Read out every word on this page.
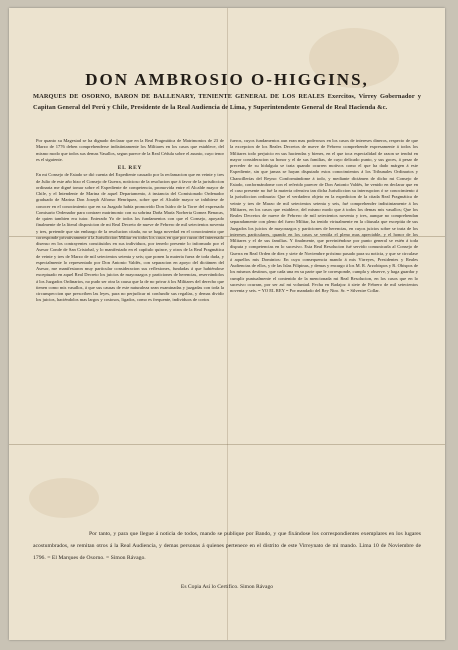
DON AMBROSIO O-HIGGINS,
MARQUES DE OSORNO, BARON DE BALLENARY, TENIENTE GENERAL DE LOS REALES Exercitos, Virrey Gobernador y Capitan General del Perú y Chile, Presidente de la Real Audiencia de Lima, y Superintendente General de Real Hacienda &c.

Por quanto su Magestad se ha dignado declarar que en la Real Pragmática de Matrimonios de 23 de Marzo de 1776 deben comprehenderse indistintamente los Militares en los casos que establece, del mismo modo que todos sus demas Vasallos, segun parece de la Real Cédula sobre el asunto, cuyo tenor es el siguiente.

EL REY

En mi Consejo de Estado se dió cuenta del Expediente causado por la reclamacion que en veinte y tres de Julio de este año hizo el Consejo de Guerra, noticioso de la resolucion que á favor de la jurisdiccion ordinaria me digné tomar sobre el Expediente de competencia, promovida entre el Alcalde mayor de Chile, y el Intendente de Marina de aquel Departamento, á instancia del Comisionado Ordenador graduado de Marina Don Joseph Alfonso Henríquez, sobre que el Alcalde mayor se inhibiese de conocer en el conocimiento que en su Juzgado había promovido Don Isidro de la Torre del expresado Comisario Ordenador para contraer matrimonio con su sobrina Doña María Norberta Gomez Benacas, de quien tambien era tutor. Enterado Yo de todos los fundamentos con que el Consejo, apoyado finalmente de la literal disposicion de mi Real Decreto de nueve de Febrero de mil setecientos noventa y tres, pretende que sin embargo de la resolucion citada, no se haga novedad en el conocimiento que corresponde privativamente á la Jurisdiccion Militar en todos los casos en que por razon del interesado disenso en los contrayentes constituidos en sus individuos, por tenerlo presente lo informado por el Asesor Conde de San Cristobal, y lo manifestado en el capítulo quince, y otros de la Real Pragmática de veinte y tres de Marzo de mil setecientos setenta y seis; que ponen la materia fuera de toda duda, y especialmente lo representado por Don Antonio Valdés, con separacion en apoyo del dictámen del Asesor, me manifestaron muy particular consideracion sus reflexiones, fundadas á que habiéndose exceptuado en aquel Real Decreto los juicios de mayorazgos y particiones de herencias, reservándolos á los Juzgados Ordinarios, no pudo ser otra la causa que la de no privar á los Militares del derecho que tienen como mis vasallos, á que sus causas de este naturaleza sean examinadas y juzgadas con toda la circunspeccion que prescriben las leyes, para no perjudicar ni confundir sus regalías, y demas dividir los juicios, haciéndolos mas largos y costosos, ligados, como es frequente, individuos de cortos

fueros, cuyos fundamentos aun eran mas poderosos en los casos de intereses dineros, respecto de que la excepcion de los Reales Decretos de nueve de Febrero comprehende expresamente á todos los Militares todo perjuicio en sus haciendas y bienes, en el que toca especialidad de razon se tendrá en mayor consideracion su honor y el de sus familias, de cuyo delicado punto, y sus goces, á pesar de preceder de su hidalguía se trata quando ocurren motivos como el que ha dado márgen á este Expediente, sin que jamas se hayan disputado estos conocimientos á los Tribunales Ordinarios y Chancillerías del Reyno: Conformándome á todo, y mediante dictámen de dicho mi Consejo de Estado, conformándome con el referido parecer de Don Antonio Valdés, he venido en declarar que en el caso presente no fué la materia ofensiva tan dicha Jurisdiccion su interrupcion ó se conocimiento á la jurisdiccion ordinaria: Que el verdadero objeto en la expedicion de la citada Real Pragmática de veinte y tres de Marzo de mil setecientos setenta y seis, fué comprehender indistintamente á los Militares, en los casos que establece, del mismo modo que á todos los demas mis vasallos; Que los Reales Decretos de nueve de Febrero de mil setecientos noventa y tres, aunque no comprehendan separadamente con pleno del fuero Militar, ha tenido virtualmente en la cláusula que exceptúa de sus Juzgados los juicios de mayorazgos y particiones de herencias, en cuyos juicios sobre se trata de los intereses particulares, quando en los casos se ventila el pleno mas apreciable, y el honor de los Militares y el de sus familias. Y finalmente, que previniéndose por punto general se estén á toda disputa y competencias en lo sucesivo. Esta Real Resolucion fué servido comunicarla al Consejo de Guerra en Real Orden de diez y siete de Noviembre próximo pasado para su noticia, y que se circulase á aquellos mis Dominios: En cuya consequencia mando á mis Virreyes, Presidentes y Reales Audiencias de ellos, y de las Islas Filipinas, y demas y encargo á los M. R. Arzobispos y R. Obispos de los mismos destinos, que cada una en su parte que le corresponde, cumpla y observe, y haga guardar y cumplir puntualmente el contenido de la mencionada mi Real Resolucion, en los casos que en lo sucesivo ocurran, por ser así mi voluntad. Fecha en Badajoz á siete de Febrero de mil setecientos noventa y seis. = YO EL REY = Por mandado del Rey Ntro. Sr. = Silvestre Collar.

Por tanto, y para que llegue á noticia de todos, mando se publique por Bando, y que fixándose los correspondientes exemplares en los lugares acostumbrados, se remitan otros á la Real Audiencia, y demas personas á quienes pertenece en el distrito de este Virreynato de mi mando. Lima 10 de Noviembre de 1796. = El Marques de Osorno. = Simon Rávago.
Es Copia Así lo Certifico. Simon Rávago
